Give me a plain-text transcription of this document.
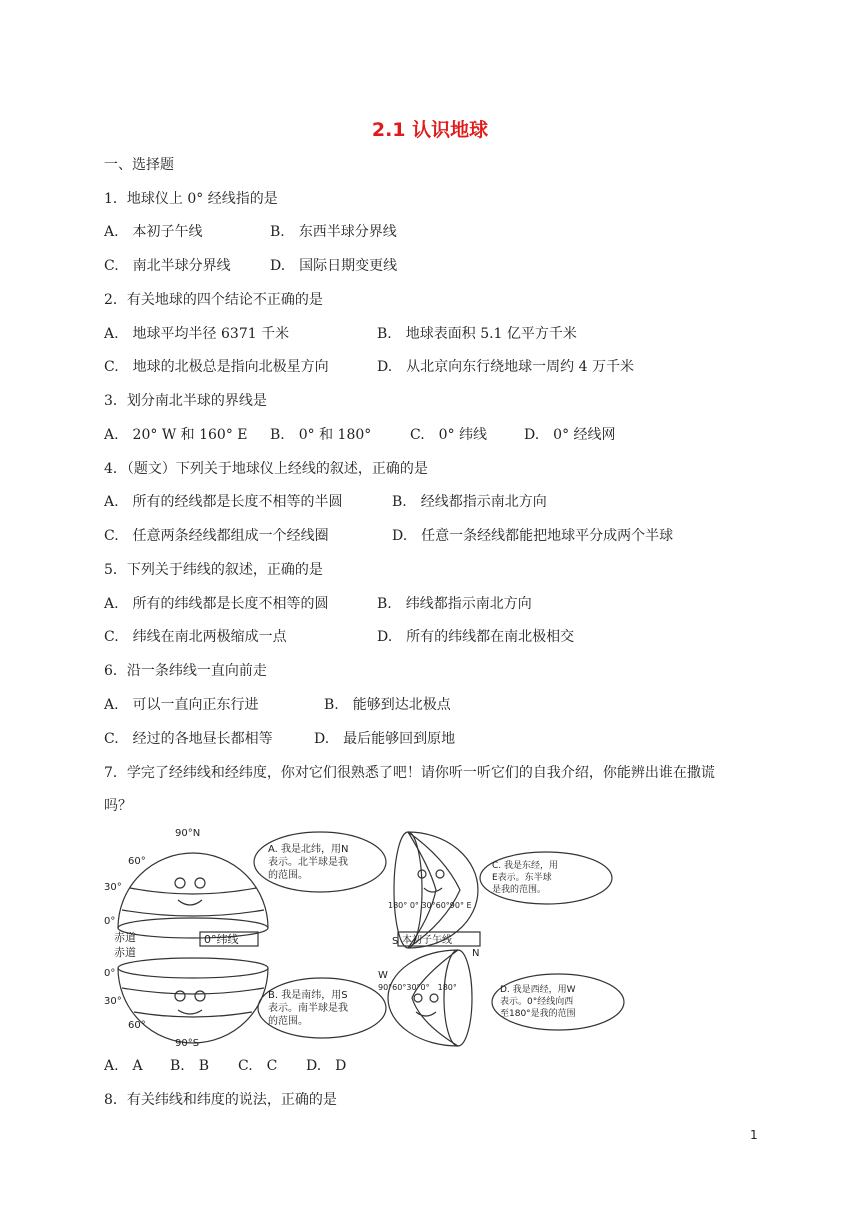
2.1 认识地球
一、选择题
1．地球仪上 0° 经线指的是
A.　本初子午线	B.　东西半球分界线
C.　南北半球分界线	D.　国际日期变更线
2．有关地球的四个结论不正确的是
A.　地球平均半径 6371 千米	B.　地球表面积 5.1 亿平方千米
C.　地球的北极总是指向北极星方向	D.　从北京向东行绕地球一周约 4 万千米
3．划分南北半球的界线是
A.　20° W 和 160° E B.　0° 和 180°	C.　0° 纬线	D.　0° 经线网
4．（题文）下列关于地球仪上经线的叙述，正确的是
A.　所有的经线都是长度不相等的半圆	B.　经线都指示南北方向
C.　任意两条经线都组成一个经线圈	D.　任意一条经线都能把地球平分成两个半球
5．下列关于纬线的叙述，正确的是
A.　所有的纬线都是长度不相等的圆	B.　纬线都指示南北方向
C.　纬线在南北两极缩成一点	D.　所有的纬线都在南北极相交
6．沿一条纬线一直向前走
A.　可以一直向正东行进	B.　能够到达北极点
C.　经过的各地昼长都相等	D.　最后能够回到原地
7．学完了经纬线和经纬度，你对它们很熟悉了吧！请你听一听它们的自我介绍，你能辨出谁在撒谎
吗？
90°N
60°
30°
0°
赤道
赤道
0°纬线
0°
30°
60°
90°S
A. 我是北纬，用N
表示。北半球是我
的范围。
B. 我是南纬，用S
表示。南半球是我
的范围。
C. 我是东经，用
E表示。东半球
是我的范围。
D. 我是西经，用W
表示。0°经线向西
至180°是我的范围
180° 0° 30°60°90° E
S 本初子午线
N
W
90°60°30°0°　180°
A.　A B.　B C.　C D.　D
8．有关纬线和纬度的说法，正确的是
1
